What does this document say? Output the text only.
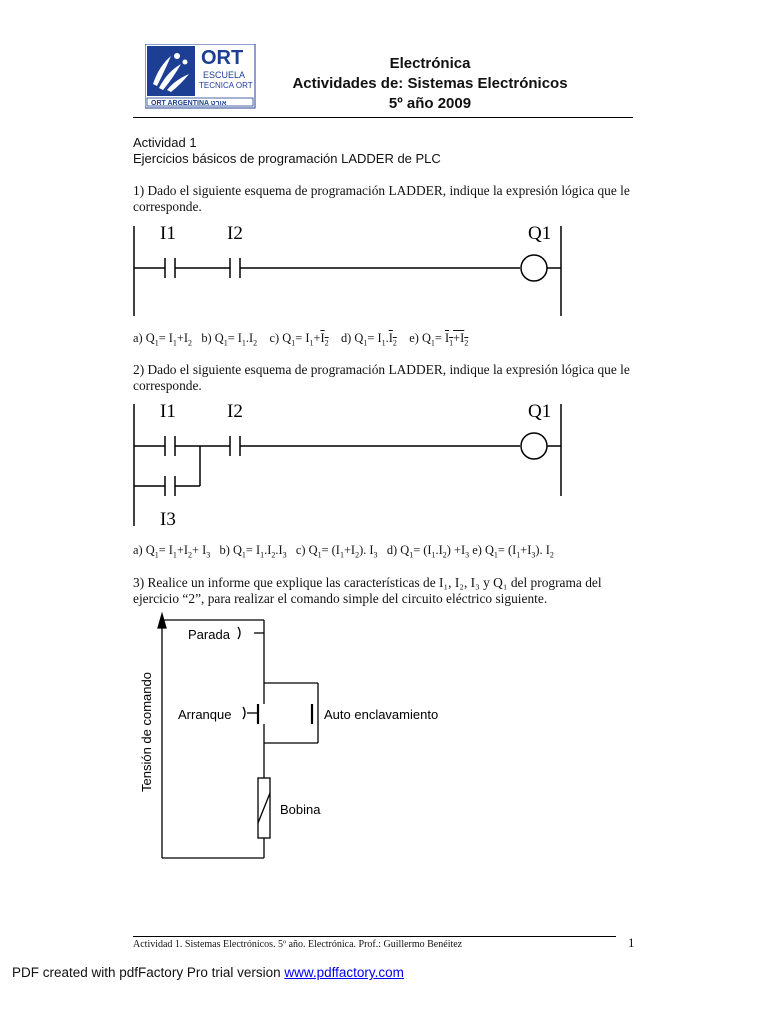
ORT
ESCUELA
TECNICA ORT
ORT ARGENTINA אורט
Electrónica
Actividades de: Sistemas Electrónicos
5º año 2009
Actividad 1
Ejercicios básicos de programación LADDER de PLC
1) Dado el siguiente esquema de programación LADDER, indique la expresión lógica que le corresponde.
I1	I2	Q1
a) $Q_1= I_1+I_2$ b) $Q_1= I_1.I_2$ c) $Q_1= I_1+I_2$ d) $Q_1= I_1.I_2$ e) $Q_1= I_1+I_2$
2) Dado el siguiente esquema de programación LADDER, indique la expresión lógica que le corresponde.
I1	I2	Q1
I3
a) $Q_1= I_1+I_2+ I_3$ b) $Q_1= I_1.I_2.I_3$ c) $Q_1= (I_1+I_2)$. $I_3$ d) $Q_1= (I_1.I_2) +I_3$ e) $Q_1= (I_1+I_3)$. $I_2$
3) Realice un informe que explique las características de I₁, I₂, I₃ y Q₁ del programa del ejercicio “2”, para realizar el comando simple del circuito eléctrico siguiente.
Parada
Arranque	Auto enclavamiento
Bobina
Tensión de comando
Actividad 1. Sistemas Electrónicos. 5º año. Electrónica. Prof.: Guillermo Benéitez	1
PDF created with pdfFactory Pro trial version www.pdffactory.com
